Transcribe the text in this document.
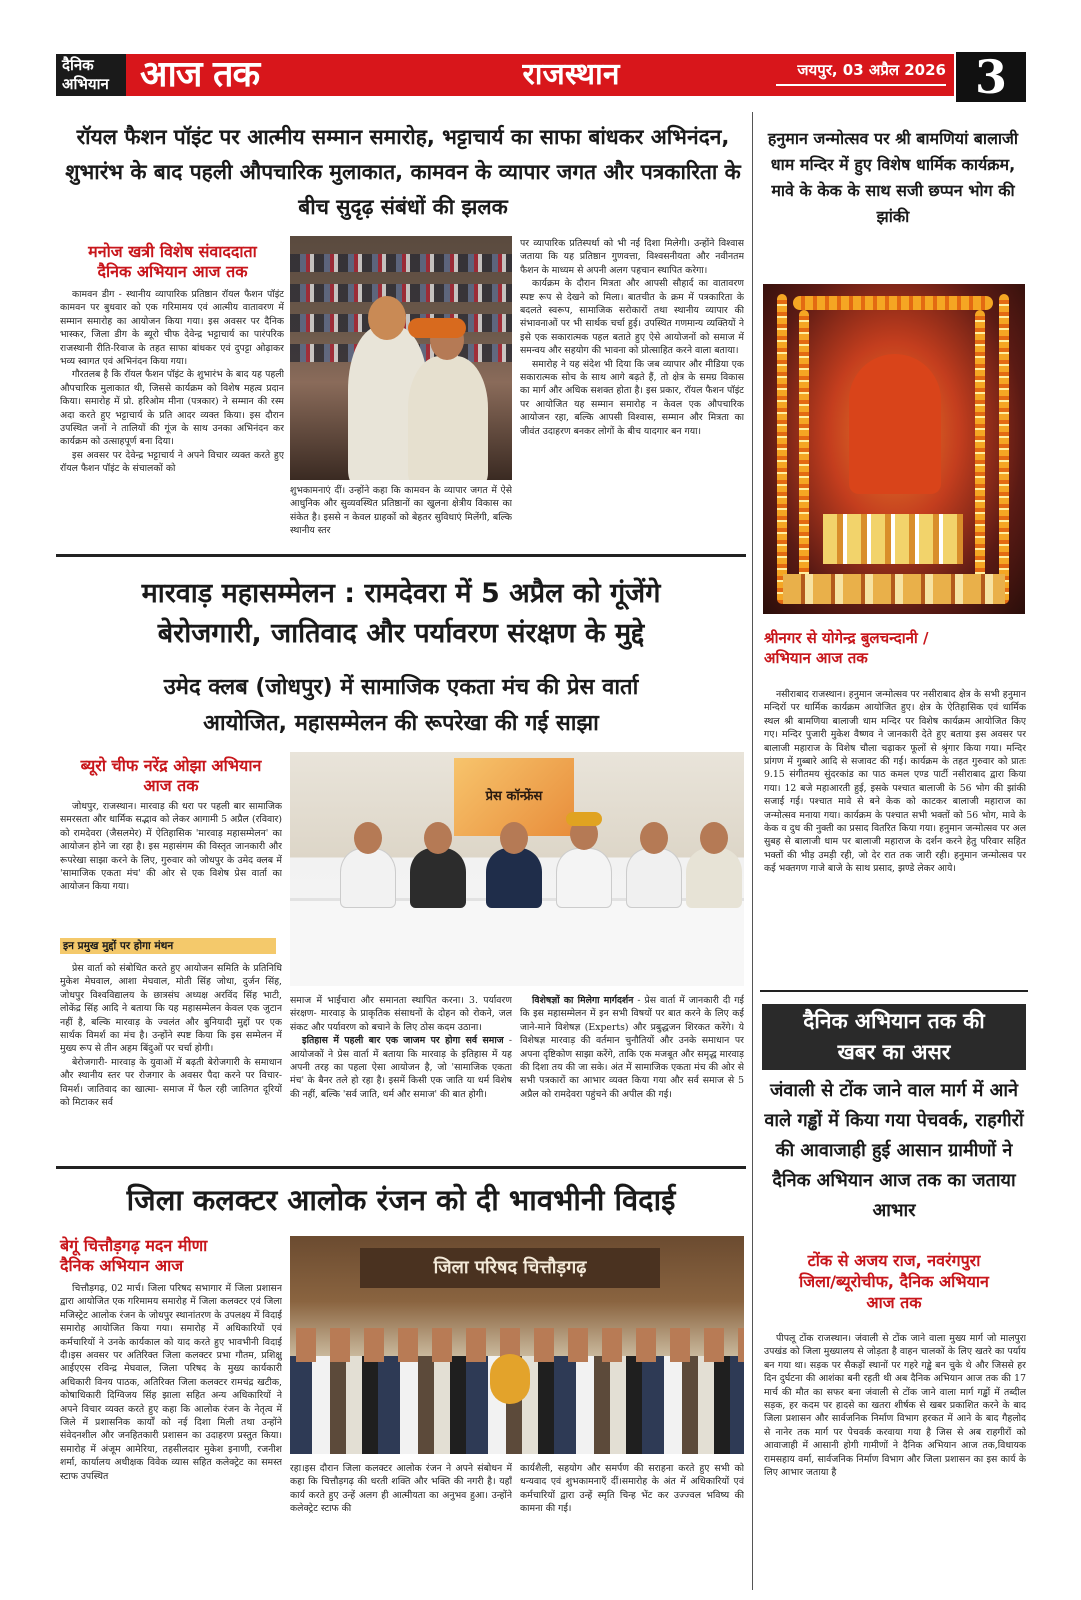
दैनिक
अभियान आज तक	राजस्थान	जयपुर, 03 अप्रैल 2026 3
रॉयल फैशन पॉइंट पर आत्मीय सम्मान समारोह, भट्टाचार्य का साफा बांधकर अभिनंदन, शुभारंभ के बाद पहली औपचारिक मुलाकात, कामवन के व्यापार जगत और पत्रकारिता के बीच सुदृढ़ संबंधों की झलक
मनोज खत्री विशेष संवाददाता
दैनिक अभियान आज तक

कामवन डीग - स्थानीय व्यापारिक प्रतिष्ठान रॉयल फैशन पॉइंट कामवन पर बुधवार को एक गरिमामय एवं आत्मीय वातावरण में सम्मान समारोह का आयोजन किया गया। इस अवसर पर दैनिक भास्कर, जिला डीग के ब्यूरो चीफ देवेन्द्र भट्टाचार्य का पारंपरिक राजस्थानी रीति-रिवाज के तहत साफा बांधकर एवं दुपट्टा ओढ़ाकर भव्य स्वागत एवं अभिनंदन किया गया।

गौरतलब है कि रॉयल फैशन पॉइंट के शुभारंभ के बाद यह पहली औपचारिक मुलाकात थी, जिससे कार्यक्रम को विशेष महत्व प्रदान किया। समारोह में प्रो. हरिओम मीना (पत्रकार) ने सम्मान की रस्म अदा करते हुए भट्टाचार्य के प्रति आदर व्यक्त किया। इस दौरान उपस्थित जनों ने तालियों की गूंज के साथ उनका अभिनंदन कर कार्यक्रम को उत्साहपूर्ण बना दिया।

इस अवसर पर देवेन्द्र भट्टाचार्य ने अपने विचार व्यक्त करते हुए रॉयल फैशन पॉइंट के संचालकों को

शुभकामनाएं दीं। उन्होंने कहा कि कामवन के व्यापार जगत में ऐसे आधुनिक और सुव्यवस्थित प्रतिष्ठानों का खुलना क्षेत्रीय विकास का संकेत है। इससे न केवल ग्राहकों को बेहतर सुविधाएं मिलेंगी, बल्कि स्थानीय स्तर

पर व्यापारिक प्रतिस्पर्धा को भी नई दिशा मिलेगी। उन्होंने विश्वास जताया कि यह प्रतिष्ठान गुणवत्ता, विश्वसनीयता और नवीनतम फैशन के माध्यम से अपनी अलग पहचान स्थापित करेगा।

कार्यक्रम के दौरान मित्रता और आपसी सौहार्द का वातावरण स्पष्ट रूप से देखने को मिला। बातचीत के क्रम में पत्रकारिता के बदलते स्वरूप, सामाजिक सरोकारों तथा स्थानीय व्यापार की संभावनाओं पर भी सार्थक चर्चा हुई। उपस्थित गणमान्य व्यक्तियों ने इसे एक सकारात्मक पहल बताते हुए ऐसे आयोजनों को समाज में समन्वय और सहयोग की भावना को प्रोत्साहित करने वाला बताया।

समारोह ने यह संदेश भी दिया कि जब व्यापार और मीडिया एक सकारात्मक सोच के साथ आगे बढ़ते हैं, तो क्षेत्र के समग्र विकास का मार्ग और अधिक सशक्त होता है। इस प्रकार, रॉयल फैशन पॉइंट पर आयोजित यह सम्मान समारोह न केवल एक औपचारिक आयोजन रहा, बल्कि आपसी विश्वास, सम्मान और मित्रता का जीवंत उदाहरण बनकर लोगों के बीच यादगार बन गया।

हनुमान जन्मोत्सव पर श्री बामणियां बालाजी धाम मन्दिर में हुए विशेष धार्मिक कार्यक्रम, मावे के केक के साथ सजी छप्पन भोग की झांकी
श्रीनगर से योगेन्द्र बुलचन्दानी /
अभियान आज तक

नसीराबाद राजस्थान। हनुमान जन्मोत्सव पर नसीराबाद क्षेत्र के सभी हनुमान मन्दिरों पर धार्मिक कार्यक्रम आयोजित हुए। क्षेत्र के ऐतिहासिक एवं धार्मिक स्थल श्री बामणिया बालाजी धाम मन्दिर पर विशेष कार्यक्रम आयोजित किए गए। मन्दिर पुजारी मुकेश वैष्णव ने जानकारी देते हुए बताया इस अवसर पर बालाजी महाराज के विशेष चौला चढ़ाकर फूलों से श्रृंगार किया गया। मन्दिर प्रांगण में गुब्बारे आदि से सजावट की गई। कार्यक्रम के तहत गुरुवार को प्रातः 9.15 संगीतमय सुंदरकांड का पाठ कमल एण्ड पार्टी नसीराबाद द्वारा किया गया। 12 बजे महाआरती हुई, इसके पश्चात बालाजी के 56 भोग की झांकी सजाई गई। पश्चात मावे से बने केक को काटकर बालाजी महाराज का जन्मोत्सव मनाया गया। कार्यक्रम के पश्चात सभी भक्तों को 56 भोग, मावे के केक व दुध की नुक्ती का प्रसाद वितरित किया गया। हनुमान जन्मोत्सव पर अल सुबह से बालाजी धाम पर बालाजी महाराज के दर्शन करने हेतु परिवार सहित भक्तों की भीड़ उमड़ी रही, जो देर रात तक जारी रही। हनुमान जन्मोत्सव पर कई भक्तगण गाजे बाजे के साथ प्रसाद, झण्डे लेकर आये।

मारवाड़ महासम्मेलन : रामदेवरा में 5 अप्रैल को गूंजेंगे
बेरोजगारी, जातिवाद और पर्यावरण संरक्षण के मुद्दे
उमेद क्लब (जोधपुर) में सामाजिक एकता मंच की प्रेस वार्ता
आयोजित, महासम्मेलन की रूपरेखा की गई साझा
ब्यूरो चीफ नरेंद्र ओझा अभियान
आज तक

जोधपुर, राजस्थान। मारवाड़ की धरा पर पहली बार सामाजिक समरसता और धार्मिक सद्भाव को लेकर आगामी 5 अप्रैल (रविवार) को रामदेवरा (जैसलमेर) में ऐतिहासिक 'मारवाड़ महासम्मेलन' का आयोजन होने जा रहा है। इस महासंगम की विस्तृत जानकारी और रूपरेखा साझा करने के लिए, गुरुवार को जोधपुर के उमेद क्लब में 'सामाजिक एकता मंच' की ओर से एक विशेष प्रेस वार्ता का आयोजन किया गया।

इन प्रमुख मुद्दों पर होगा मंथन

प्रेस वार्ता को संबोधित करते हुए आयोजन समिति के प्रतिनिधि मुकेश मेघवाल, आशा मेघवाल, मोती सिंह जोधा, दुर्जन सिंह, जोधपुर विश्वविद्यालय के छात्रसंघ अध्यक्ष अरविंद सिंह भाटी, लोकेंद्र सिंह आदि ने बताया कि यह महासम्मेलन केवल एक जुटान नहीं है, बल्कि मारवाड़ के ज्वलंत और बुनियादी मुद्दों पर एक सार्थक विमर्श का मंच है। उन्होंने स्पष्ट किया कि इस सम्मेलन में मुख्य रूप से तीन अहम बिंदुओं पर चर्चा होगी।

बेरोजगारी- मारवाड़ के युवाओं में बढ़ती बेरोजगारी के समाधान और स्थानीय स्तर पर रोजगार के अवसर पैदा करने पर विचार-विमर्श। जातिवाद का खात्मा- समाज में फैल रही जातिगत दूरियों को मिटाकर सर्व

प्रेस कॉन्फ्रेंस

समाज में भाईचारा और समानता स्थापित करना। 3. पर्यावरण संरक्षण- मारवाड़ के प्राकृतिक संसाधनों के दोहन को रोकने, जल संकट और पर्यावरण को बचाने के लिए ठोस कदम उठाना।

इतिहास में पहली बार एक जाजम पर होगा सर्व समाज - आयोजकों ने प्रेस वार्ता में बताया कि मारवाड़ के इतिहास में यह अपनी तरह का पहला ऐसा आयोजन है, जो 'सामाजिक एकता मंच' के बैनर तले हो रहा है। इसमें किसी एक जाति या धर्म विशेष की नहीं, बल्कि 'सर्व जाति, धर्म और समाज' की बात होगी।

विशेषज्ञों का मिलेगा मार्गदर्शन - प्रेस वार्ता में जानकारी दी गई कि इस महासम्मेलन में इन सभी विषयों पर बात करने के लिए कई जाने-माने विशेषज्ञ (Experts) और प्रबुद्धजन शिरकत करेंगे। ये विशेषज्ञ मारवाड़ की वर्तमान चुनौतियों और उनके समाधान पर अपना दृष्टिकोण साझा करेंगे, ताकि एक मजबूत और समृद्ध मारवाड़ की दिशा तय की जा सके। अंत में सामाजिक एकता मंच की ओर से सभी पत्रकारों का आभार व्यक्त किया गया और सर्व समाज से 5 अप्रैल को रामदेवरा पहुंचने की अपील की गई।

दैनिक अभियान तक की
खबर का असर
जंवाली से टोंक जाने वाल मार्ग में आने वाले गड्ढों में किया गया पेचवर्क, राहगीरों की आवाजाही हुई आसान ग्रामीणों ने दैनिक अभियान आज तक का जताया आभार
टोंक से अजय राज, नवरंगपुरा
जिला/ब्यूरोचीफ, दैनिक अभियान
आज तक

पीपलू टोंक राजस्थान। जंवाली से टोंक जाने वाला मुख्य मार्ग जो मालपुरा उपखंड को जिला मुख्यालय से जोड़ता है वाहन चालकों के लिए खतरे का पर्याय बन गया था। सड़क पर सैकड़ों स्थानों पर गहरे गड्ढे बन चुके थे और जिससे हर दिन दुर्घटना की आशंका बनी रहती थी अब दैनिक अभियान आज तक की 17 मार्च की मौत का सफर बना जंवाली से टोंक जाने वाला मार्ग गड्ढों में तब्दील सड़क, हर कदम पर हादसे का खतरा शीर्षक से खबर प्रकाशित करने के बाद जिला प्रशासन और सार्वजनिक निर्माण विभाग हरकत में आने के बाद गैहलोद से नानेर तक मार्ग पर पेचवर्क करवाया गया है जिस से अब राहगीरों को आवाजाही में आसानी होगी गामीणों ने दैनिक अभियान आज तक,विधायक रामसहाय वर्मा, सार्वजनिक निर्माण विभाग और जिला प्रशासन का इस कार्य के लिए आभार जताया है

जिला कलक्टर आलोक रंजन को दी भावभीनी विदाई
बेगूं चित्तौड़गढ़ मदन मीणा
दैनिक अभियान आज

चित्तौड़गढ़, 02 मार्च। जिला परिषद सभागार में जिला प्रशासन द्वारा आयोजित एक गरिमामय समारोह में जिला कलक्टर एवं जिला मजिस्ट्रेट आलोक रंजन के जोधपुर स्थानांतरण के उपलक्ष्य में विदाई समारोह आयोजित किया गया। समारोह में अधिकारियों एवं कर्मचारियों ने उनके कार्यकाल को याद करते हुए भावभीनी विदाई दी।इस अवसर पर अतिरिक्त जिला कलक्टर प्रभा गौतम, प्रशिक्षु आईएएस रविन्द्र मेघवाल, जिला परिषद के मुख्य कार्यकारी अधिकारी विनय पाठक, अतिरिक्त जिला कलक्टर रामचंद्र खटीक, कोषाधिकारी दिग्विजय सिंह झाला सहित अन्य अधिकारियों ने अपने विचार व्यक्त करते हुए कहा कि आलोक रंजन के नेतृत्व में जिले में प्रशासनिक कार्यों को नई दिशा मिली तथा उन्होंने संवेदनशील और जनहितकारी प्रशासन का उदाहरण प्रस्तुत किया।समारोह में अंजूम आमेरिया, तहसीलदार मुकेश इनाणी, रजनीश शर्मा, कार्यालय अधीक्षक विवेक व्यास सहित कलेक्ट्रेट का समस्त स्टाफ उपस्थित

जिला परिषद चित्तौड़गढ़

रहा।इस दौरान जिला कलक्टर आलोक रंजन ने अपने संबोधन में कहा कि चित्तौड़गढ़ की धरती शक्ति और भक्ति की नगरी है। यहाँ कार्य करते हुए उन्हें अलग ही आत्मीयता का अनुभव हुआ। उन्होंने कलेक्ट्रेट स्टाफ की

कार्यशैली, सहयोग और समर्पण की सराहना करते हुए सभी को धन्यवाद एवं शुभकामनाएँ दीं।समारोह के अंत में अधिकारियों एवं कर्मचारियों द्वारा उन्हें स्मृति चिन्ह भेंट कर उज्ज्वल भविष्य की कामना की गई।
